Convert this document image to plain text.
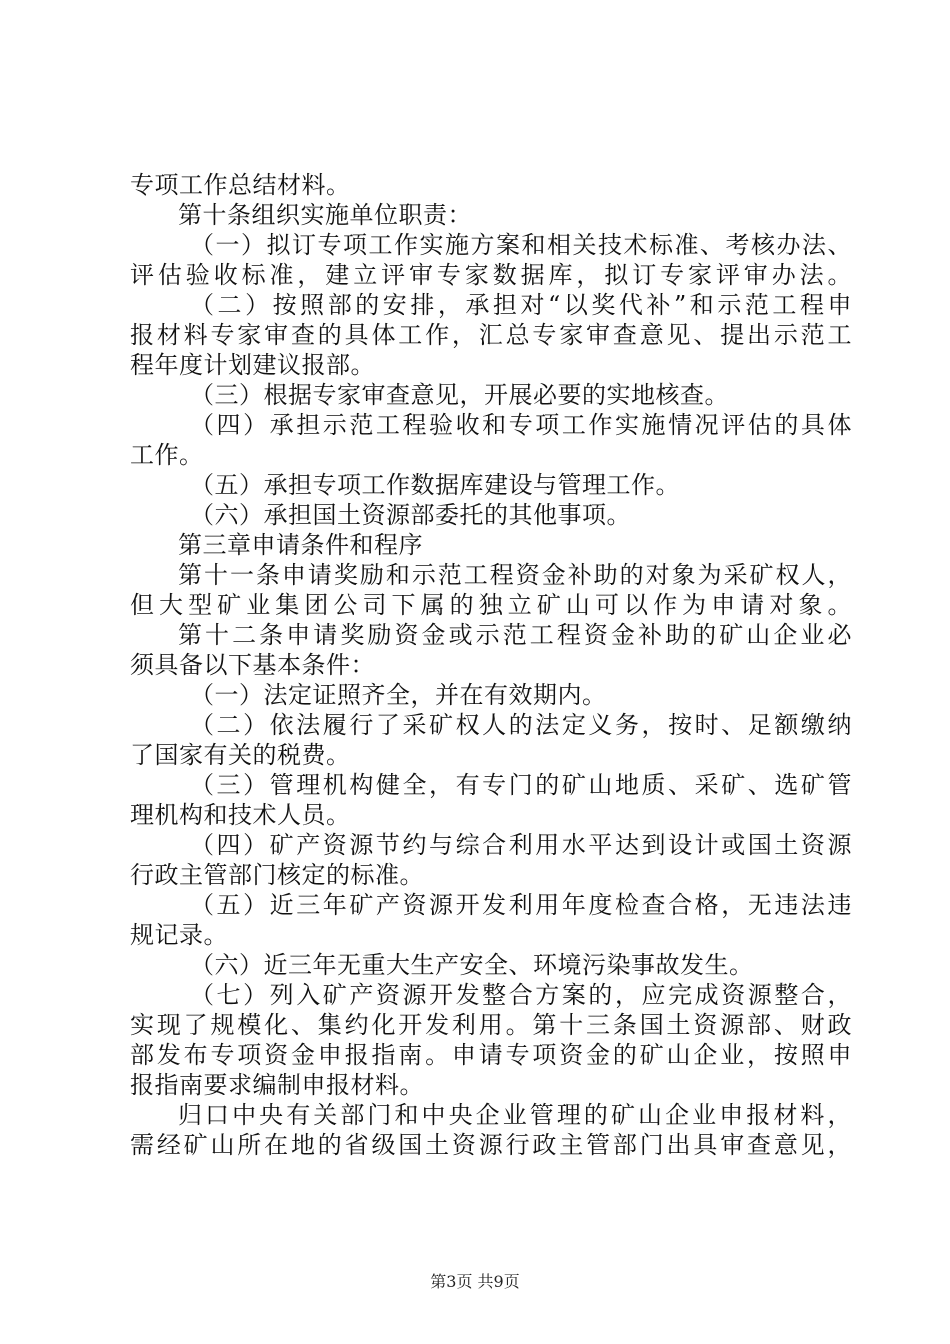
专项工作总结材料。
第十条组织实施单位职责：
（一）拟订专项工作实施方案和相关技术标准、考核办法、
评估验收标准，建立评审专家数据库，拟订专家评审办法。
（二）按照部的安排，承担对“以奖代补”和示范工程申
报材料专家审查的具体工作，汇总专家审查意见、提出示范工
程年度计划建议报部。
（三）根据专家审查意见，开展必要的实地核查。
（四）承担示范工程验收和专项工作实施情况评估的具体
工作。
（五）承担专项工作数据库建设与管理工作。
（六）承担国土资源部委托的其他事项。
第三章申请条件和程序
第十一条申请奖励和示范工程资金补助的对象为采矿权人，
但大型矿业集团公司下属的独立矿山可以作为申请对象。
第十二条申请奖励资金或示范工程资金补助的矿山企业必
须具备以下基本条件：
（一）法定证照齐全，并在有效期内。
（二）依法履行了采矿权人的法定义务，按时、足额缴纳
了国家有关的税费。
（三）管理机构健全，有专门的矿山地质、采矿、选矿管
理机构和技术人员。
（四）矿产资源节约与综合利用水平达到设计或国土资源
行政主管部门核定的标准。
（五）近三年矿产资源开发利用年度检查合格，无违法违
规记录。
（六）近三年无重大生产安全、环境污染事故发生。
（七）列入矿产资源开发整合方案的，应完成资源整合，
实现了规模化、集约化开发利用。第十三条国土资源部、财政
部发布专项资金申报指南。申请专项资金的矿山企业，按照申
报指南要求编制申报材料。
归口中央有关部门和中央企业管理的矿山企业申报材料，
需经矿山所在地的省级国土资源行政主管部门出具审查意见，
第3页 共9页
